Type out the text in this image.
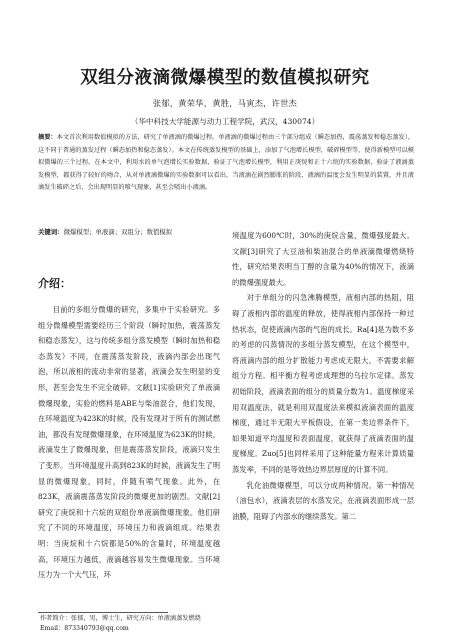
双组分液滴微爆模型的数值模拟研究
张郁，黄荣华，黄胜，马寅杰，许世杰
（华中科技大学能源与动力工程学院，武汉，430074）

摘要：本文首次利用数值模拟的方法，研究了单液滴的微爆过程。单液滴的微爆过程由三个部分组成（瞬态加热，震荡蒸发和稳态蒸发），这不同于普通的蒸发过程（瞬态加热和稳态蒸发）。本文在传统蒸发模型的基础上，添加了气泡增长模型，破碎模型等，使得新模型可以模拟微爆的三个过程。在本文中，利用水的单气泡增长实验数据，验证了气泡增长模型，利用正庚烷和正十六烷的实验数据，验证了液滴蒸发模型，都获得了较好的吻合，从对单液滴微爆的实验数据可以看出，当液滴在剧烈膨胀的阶段，液滴的温度会发生明显的装置，并且液滴发生破碎之后，会出现明显的喷气现象，甚至会喷出小液滴。

关键词：微爆模型；单液滴；双组分；数值模拟

介绍：

目前的多组分微爆的研究，多集中于实验研究。多组分微爆模型需要经历三个阶段（瞬时加热，震荡蒸发和稳态蒸发），这与传统多组分蒸发模型（瞬时加热和稳态蒸发）不同，在震荡蒸发阶段，液滴内部会出现气泡，所以液相的流动非常的显著，液滴会发生明显的变形，甚至会发生不完全破碎。文献[1]实验研究了单液滴微爆现象，实验的燃料是ABE与柴油混合，他们发现，在环境温度为423K的时候，没有发现对于所有的测试燃油，都没有发现微爆现象，在环境温度为623K的时候，液滴发生了微爆现象，但是震荡蒸发阶段，液滴只发生了变形。当环境温度升高到823K的时候，液滴发生了明显的微爆现象，同时，伴随有喷气现象。此外，在823K，液滴震荡蒸发阶段的微爆更加的剧烈。文献[2]研究了庚烷和十六烷的双组份单液滴微爆现象。他们研究了不同的环境温度，环境压力和液滴组成。结果表明：当庚烷和十六烷都是50%的含量时，环境温度越高，环境压力越低，液滴越容易发生微爆现象。当环境压力为一个大气压，环

境温度为600℃时，30%的庚烷含量，微爆强度最大。文献[3]研究了大豆油和柴油混合的单液滴微爆燃烧特性，研究结果表明当丁醇的含量为40%的情况下，液滴的微爆强度最大。

对于单组分的闪急沸腾模型，液相内部的热阻，阻碍了液相内部的温度的释放，使得液相内部保持一种过热状态，促使液滴内部的气泡的成长。Ra[4]是为数不多的考虑的闪蒸情况的多组分蒸发模型，在这个模型中，将液滴内部的组分扩散能力考虑成无限大，不需要求解组分方程。相平衡方程考虑成理想的乌拉尔定律。蒸发初始阶段，液滴表面的组分的质量分数为1。温度梯度采用双温度法，就是利用双温度法来模拟液滴表面的温度梯度，通过半无限大平板假设，在第一类边界条件下，如果知道平均温度和表面温度，就获得了液滴表面的温度梯度。Zuo[5]也同样采用了这种能量方程来计算质量蒸发率，不同的是等效热边界层厚度的计算不同。

乳化油微爆模型，可以分成两种情况。第一种情况（油包水），液滴表层的水蒸发完，在液滴表面形成一层油膜，阻碍了内部水的继续蒸发。第二

作者简介：张郁，男，博士生，研究方向：单液滴蒸发燃烧
Email：873340793@qq.com
